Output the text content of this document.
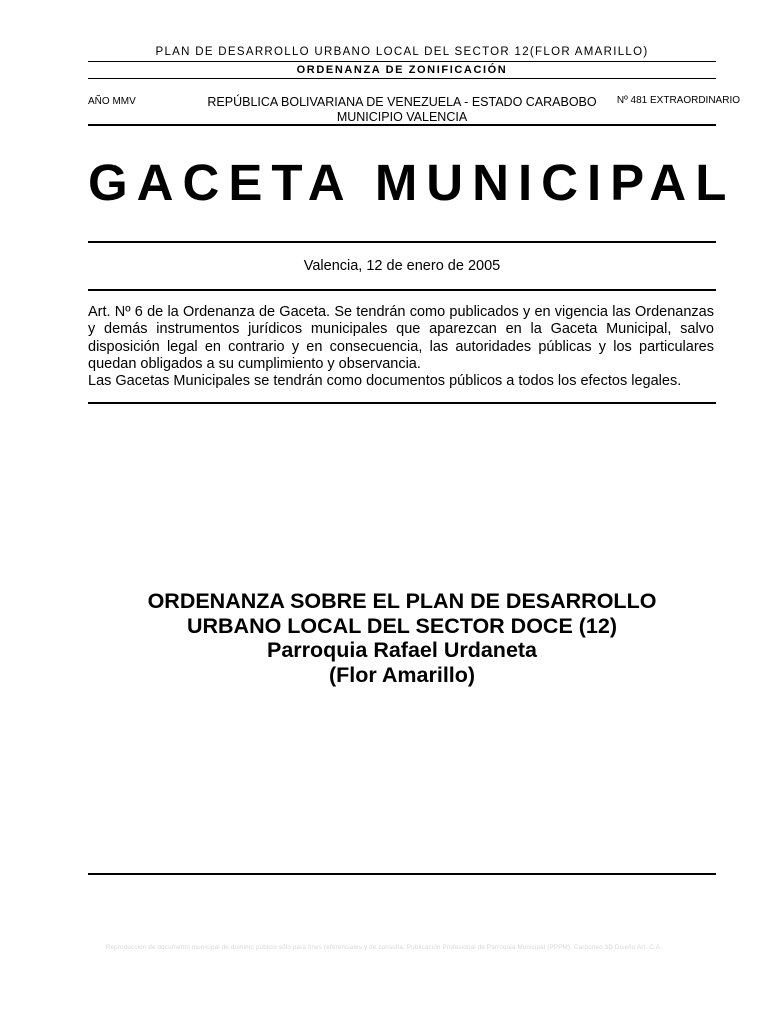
PLAN DE DESARROLLO URBANO LOCAL DEL SECTOR 12(FLOR AMARILLO)
ORDENANZA DE ZONIFICACIÓN
AÑO MMV	REPÚBLICA BOLIVARIANA DE VENEZUELA - ESTADO CARABOBO
MUNICIPIO VALENCIA
Nº 481 EXTRAORDINARIO
GACETA MUNICIPAL
Valencia, 12 de enero de 2005

Art. Nº 6 de la Ordenanza de Gaceta. Se tendrán como publicados y en vigencia las Ordenanzas y demás instrumentos jurídicos municipales que aparezcan en la Gaceta Municipal, salvo disposición legal en contrario y en consecuencia, las autoridades públicas y los particulares quedan obligados a su cumplimiento y observancia.

Las Gacetas Municipales se tendrán como documentos públicos a todos los efectos legales.

ORDENANZA SOBRE EL PLAN DE DESARROLLO
URBANO LOCAL DEL SECTOR DOCE (12)
Parroquia Rafael Urdaneta
(Flor Amarillo)
Reproducción de documento municipal de dominio público sólo para fines referenciales y de consulta. Publicación Profesional de Parroquia Municipal (PPPM). Carboneo 3D Diseño Art. C.A.
